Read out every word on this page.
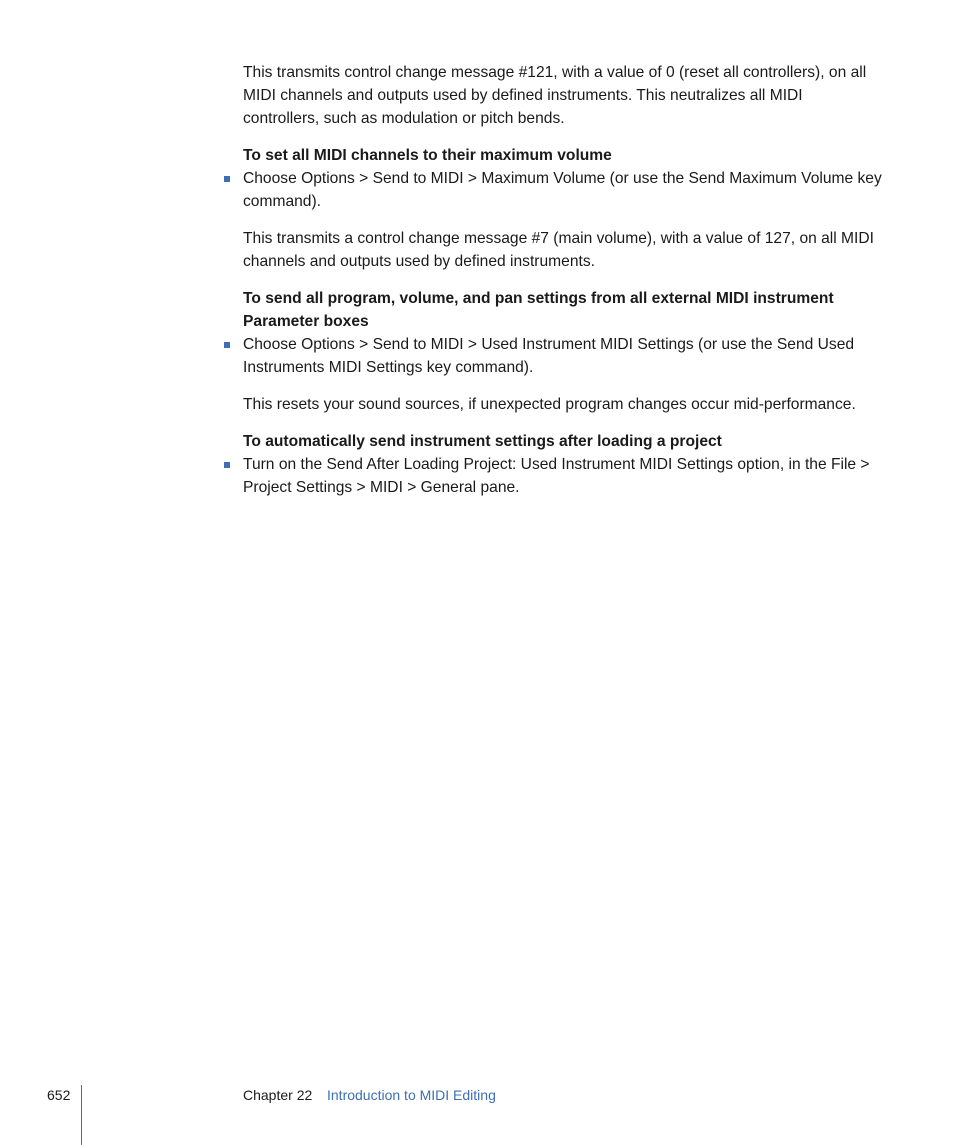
This transmits control change message #121, with a value of 0 (reset all controllers), on all MIDI channels and outputs used by defined instruments. This neutralizes all MIDI controllers, such as modulation or pitch bends.

To set all MIDI channels to their maximum volume

Choose Options > Send to MIDI > Maximum Volume (or use the Send Maximum Volume key command).

This transmits a control change message #7 (main volume), with a value of 127, on all MIDI channels and outputs used by defined instruments.

To send all program, volume, and pan settings from all external MIDI instrument Parameter boxes

Choose Options > Send to MIDI > Used Instrument MIDI Settings (or use the Send Used Instruments MIDI Settings key command).

This resets your sound sources, if unexpected program changes occur mid-performance.

To automatically send instrument settings after loading a project

Turn on the Send After Loading Project: Used Instrument MIDI Settings option, in the File > Project Settings > MIDI > General pane.
652	Chapter 22 Introduction to MIDI Editing
